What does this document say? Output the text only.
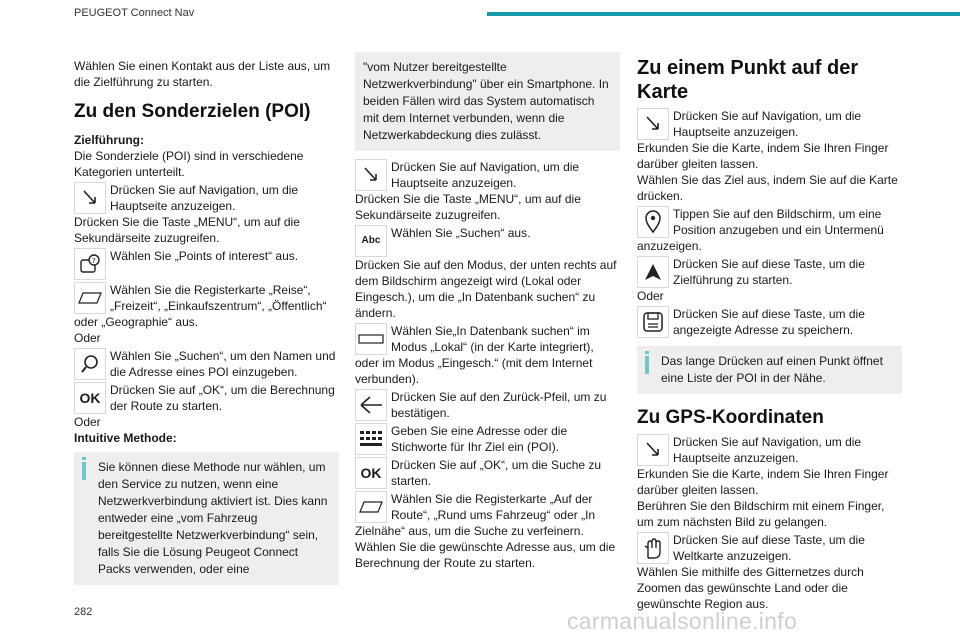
PEUGEOT Connect Nav

Wählen Sie einen Kontakt aus der Liste aus, um die Zielführung zu starten.

Zu den Sonderzielen (POI)

Zielführung:

Die Sonderziele (POI) sind in verschiedene Kategorien unterteilt.

Drücken Sie auf Navigation, um die Hauptseite anzuzeigen.

Drücken Sie die Taste „MENU“, um auf die Sekundärseite zuzugreifen.

? Wählen Sie „Points of interest“ aus.
Wählen Sie die Registerkarte „Reise“, „Freizeit“, „Einkaufszentrum“, „Öffentlich“ oder „Geographie“ aus.

Oder

Wählen Sie „Suchen“, um den Namen und die Adresse eines POI einzugeben.
OK Drücken Sie auf „OK“, um die Berechnung der Route zu starten.

Oder

Intuitive Methode:

Sie können diese Methode nur wählen, um den Service zu nutzen, wenn eine Netzwerkverbindung aktiviert ist. Dies kann entweder eine „vom Fahrzeug bereitgestellte Netzwerkverbindung“ sein, falls Sie die Lösung Peugeot Connect Packs verwenden, oder eine
"vom Nutzer bereitgestellte Netzwerkverbindung" über ein Smartphone. In beiden Fällen wird das System automatisch mit dem Internet verbunden, wenn die Netzwerkabdeckung dies zulässt.
Drücken Sie auf Navigation, um die Hauptseite anzuzeigen.

Drücken Sie die Taste „MENU“, um auf die Sekundärseite zuzugreifen.

Abc
Wählen Sie „Suchen“ aus.

Drücken Sie auf den Modus, der unten rechts auf dem Bildschirm angezeigt wird (Lokal oder Eingesch.), um die „In Datenbank suchen“ zu ändern.

Wählen Sie„In Datenbank suchen“ im Modus „Lokal“ (in der Karte integriert), oder im Modus „Eingesch.“ (mit dem Internet verbunden).
Drücken Sie auf den Zurück-Pfeil, um zu bestätigen.
Geben Sie eine Adresse oder die Stichworte für Ihr Ziel ein (POI).
OK Drücken Sie auf „OK“, um die Suche zu starten.
Wählen Sie die Registerkarte „Auf der Route“, „Rund ums Fahrzeug“ oder „In Zielnähe“ aus, um die Suche zu verfeinern.

Wählen Sie die gewünschte Adresse aus, um die Berechnung der Route zu starten.

Zu einem Punkt auf der Karte
Drücken Sie auf Navigation, um die Hauptseite anzuzeigen.

Erkunden Sie die Karte, indem Sie Ihren Finger darüber gleiten lassen.

Wählen Sie das Ziel aus, indem Sie auf die Karte drücken.

Tippen Sie auf den Bildschirm, um eine Position anzugeben und ein Untermenü anzuzeigen.
Drücken Sie auf diese Taste, um die Zielführung zu starten.

Oder

Drücken Sie auf diese Taste, um die angezeigte Adresse zu speichern.
Das lange Drücken auf einen Punkt öffnet eine Liste der POI in der Nähe.
Zu GPS-Koordinaten
Drücken Sie auf Navigation, um die Hauptseite anzuzeigen.

Erkunden Sie die Karte, indem Sie Ihren Finger darüber gleiten lassen.

Berühren Sie den Bildschirm mit einem Finger, um zum nächsten Bild zu gelangen.

Drücken Sie auf diese Taste, um die Weltkarte anzuzeigen.

Wählen Sie mithilfe des Gitternetzes durch Zoomen das gewünschte Land oder die gewünschte Region aus.

282	carmanualsonline.info
